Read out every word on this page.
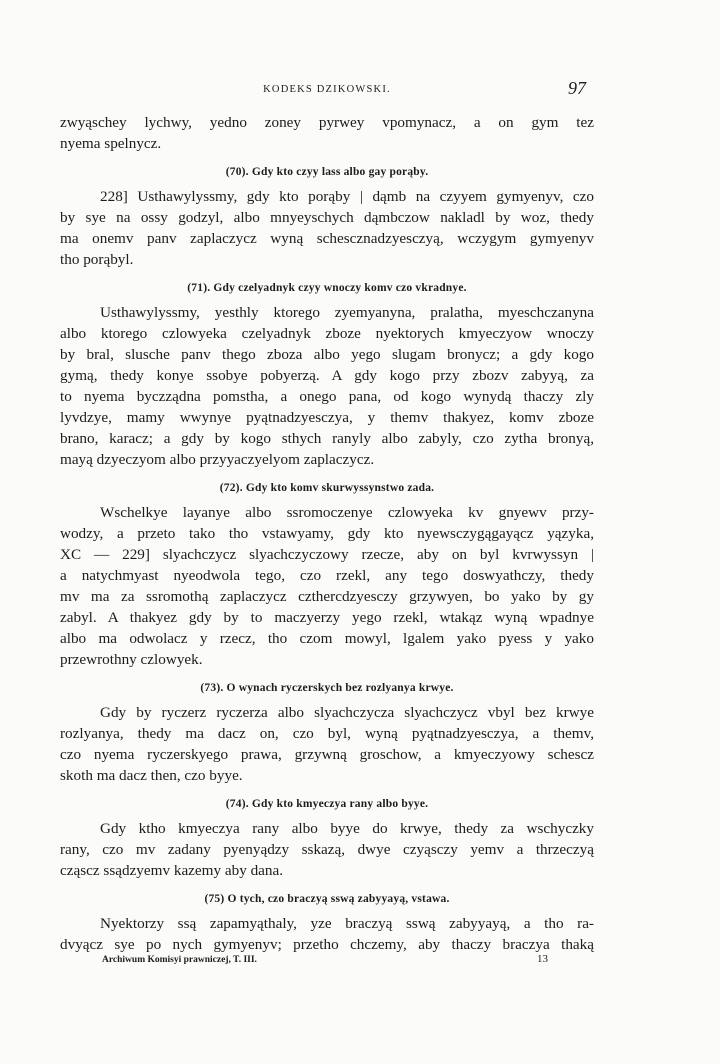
KODEKS DZIKOWSKI.	97
zwyąschey lychwy, yedno zoney pyrwey vpomynacz, a on gym tez
nyema spelnycz.
(70). Gdy kto czyy lass albo gay porąby.
228] Usthawylyssmy, gdy kto porąby | dąmb na czyyem gymyenyv, czo
by sye na ossy godzyl, albo mnyeyschych dąmbczow nakladl by woz, thedy
ma onemv panv zaplaczycz wyną schescznadzyesczyą, wczygym gymyenyv
tho porąbyl.
(71). Gdy czelyadnyk czyy wnoczy komv czo vkradnye.
Usthawylyssmy, yesthly ktorego zyemyanyna, pralatha, myeschczanyna
albo ktorego czlowyeka czelyadnyk zboze nyektorych kmyeczyow wnoczy
by bral, slusche panv thego zboza albo yego slugam bronycz; a gdy kogo
gymą, thedy konye ssobye pobyerzą. A gdy kogo przy zbozv zabyyą, za
to nyema byczządna pomstha, a onego pana, od kogo wynydą thaczy zly
lyvdzye, mamy wwynye pyątnadzyesczya, y themv thakyez, komv zboze
brano, karacz; a gdy by kogo sthych ranyly albo zabyly, czo zytha bronyą,
mayą dzyeczyom albo przyyaczyelyom zaplaczycz.
(72). Gdy kto komv skurwyssynstwo zada.
Wschelkye layanye albo ssromoczenye czlowyeka kv gnyewv przy-
wodzy, a przeto tako tho vstawyamy, gdy kto nyewsczygągayącz yązyka,
XC — 229] slyachczycz slyachczyczowy rzecze, aby on byl kvrwyssyn |
a natychmyast nyeodwola tego, czo rzekl, any tego doswyathczy, thedy
mv ma za ssromothą zaplaczycz czthercdzyesczy grzywyen, bo yako by gy
zabyl. A thakyez gdy by to maczyerzy yego rzekl, wtakąz wyną wpadnye
albo ma odwolacz y rzecz, tho czom mowyl, lgalem yako pyess y yako
przewrothny czlowyek.
(73). O wynach ryczerskych bez rozlyanya krwye.
Gdy by ryczerz ryczerza albo slyachczycza slyachczycz vbyl bez krwye
rozlyanya, thedy ma dacz on, czo byl, wyną pyątnadzyesczya, a themv,
czo nyema ryczerskyego prawa, grzywną groschow, a kmyeczyowy schescz
skoth ma dacz then, czo byye.
(74). Gdy kto kmyeczya rany albo byye.
Gdy ktho kmyeczya rany albo byye do krwye, thedy za wschyczky
rany, czo mv zadany pyenyądzy sskazą, dwye czyąsczy yemv a thrzeczyą
cząscz ssądzyemv kazemy aby dana.
(75) O tych, czo braczyą sswą zabyyayą, vstawa.
Nyektorzy ssą zapamyąthaly, yze braczyą sswą zabyyayą, a tho ra-
dvyącz sye po nych gymyenyv; przetho chczemy, aby thaczy braczya thaką
Archiwum Komisyi prawniczej, T. III.	13
